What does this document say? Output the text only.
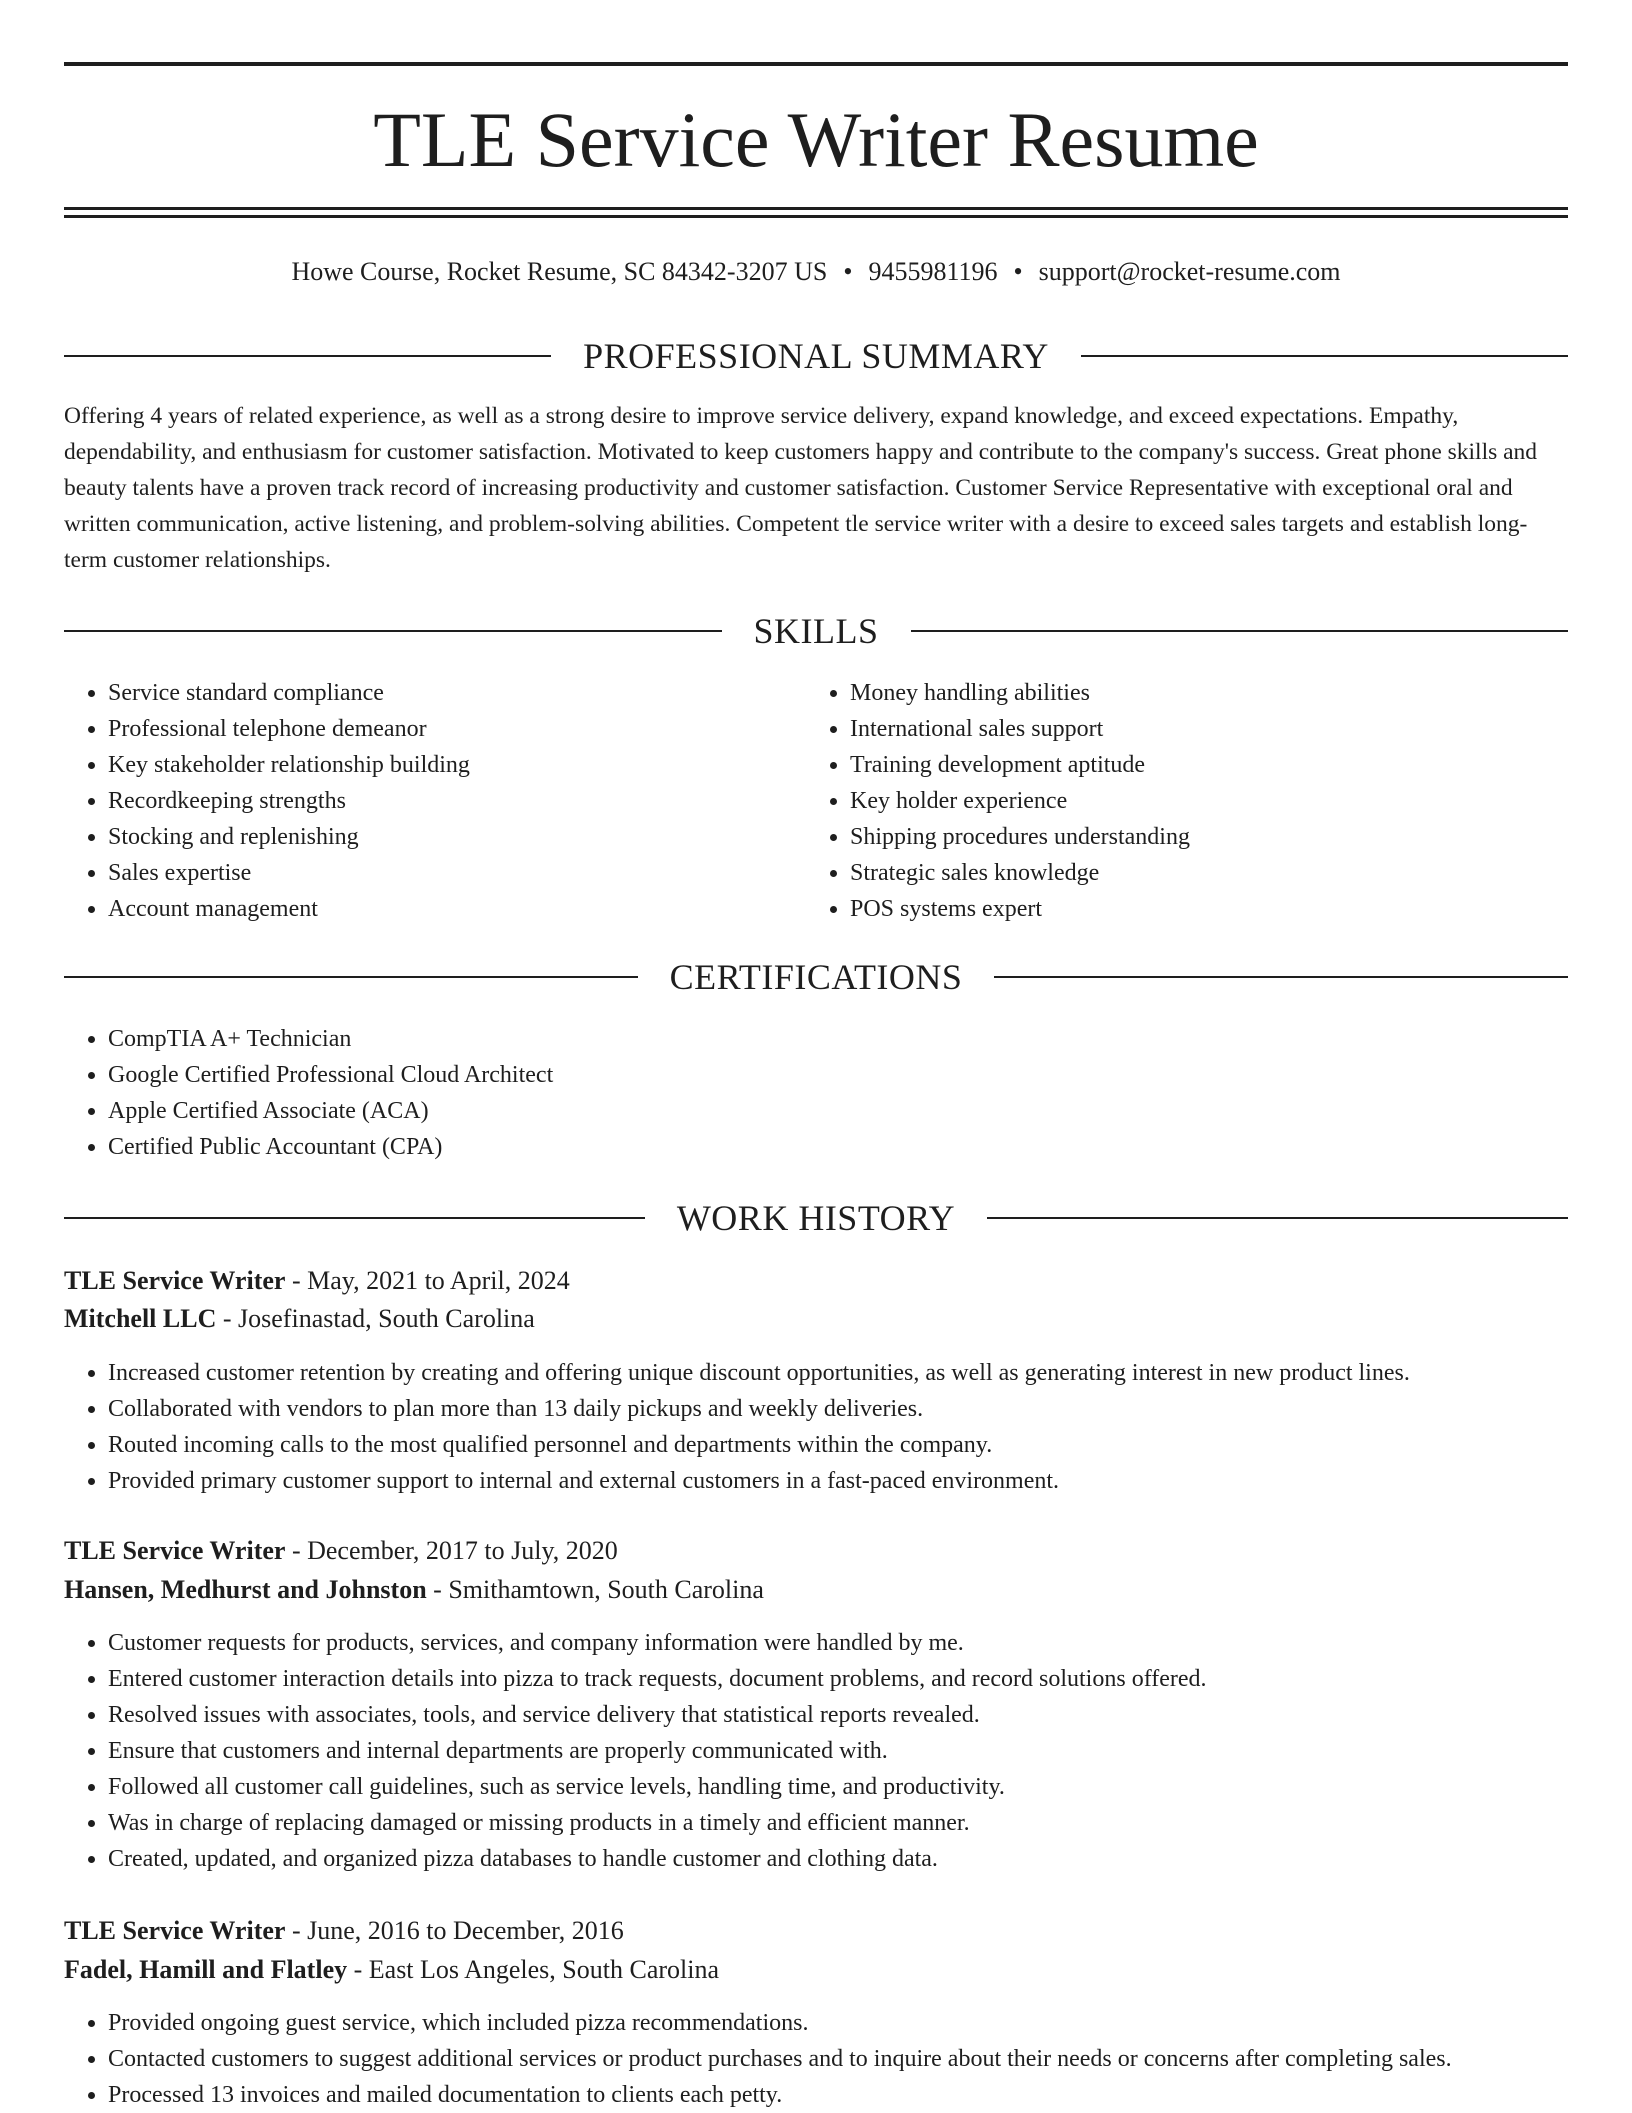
TLE Service Writer Resume
Howe Course, Rocket Resume, SC 84342-3207 US • 9455981196 • support@rocket-resume.com
PROFESSIONAL SUMMARY

Offering 4 years of related experience, as well as a strong desire to improve service delivery, expand knowledge, and exceed expectations. Empathy, dependability, and enthusiasm for customer satisfaction. Motivated to keep customers happy and contribute to the company's success. Great phone skills and beauty talents have a proven track record of increasing productivity and customer satisfaction. Customer Service Representative with exceptional oral and written communication, active listening, and problem-solving abilities. Competent tle service writer with a desire to exceed sales targets and establish long-term customer relationships.

SKILLS
• Service standard compliance
• Professional telephone demeanor
• Key stakeholder relationship building
• Recordkeeping strengths
• Stocking and replenishing
• Sales expertise
• Account management
• Money handling abilities
• International sales support
• Training development aptitude
• Key holder experience
• Shipping procedures understanding
• Strategic sales knowledge
• POS systems expert
CERTIFICATIONS
• CompTIA A+ Technician
• Google Certified Professional Cloud Architect
• Apple Certified Associate (ACA)
• Certified Public Accountant (CPA)
WORK HISTORY
TLE Service Writer - May, 2021 to April, 2024
Mitchell LLC - Josefinastad, South Carolina
• Increased customer retention by creating and offering unique discount opportunities, as well as generating interest in new product lines.
• Collaborated with vendors to plan more than 13 daily pickups and weekly deliveries.
• Routed incoming calls to the most qualified personnel and departments within the company.
• Provided primary customer support to internal and external customers in a fast-paced environment.
TLE Service Writer - December, 2017 to July, 2020
Hansen, Medhurst and Johnston - Smithamtown, South Carolina
• Customer requests for products, services, and company information were handled by me.
• Entered customer interaction details into pizza to track requests, document problems, and record solutions offered.
• Resolved issues with associates, tools, and service delivery that statistical reports revealed.
• Ensure that customers and internal departments are properly communicated with.
• Followed all customer call guidelines, such as service levels, handling time, and productivity.
• Was in charge of replacing damaged or missing products in a timely and efficient manner.
• Created, updated, and organized pizza databases to handle customer and clothing data.
TLE Service Writer - June, 2016 to December, 2016
Fadel, Hamill and Flatley - East Los Angeles, South Carolina
• Provided ongoing guest service, which included pizza recommendations.
• Contacted customers to suggest additional services or product purchases and to inquire about their needs or concerns after completing sales.
• Processed 13 invoices and mailed documentation to clients each petty.
